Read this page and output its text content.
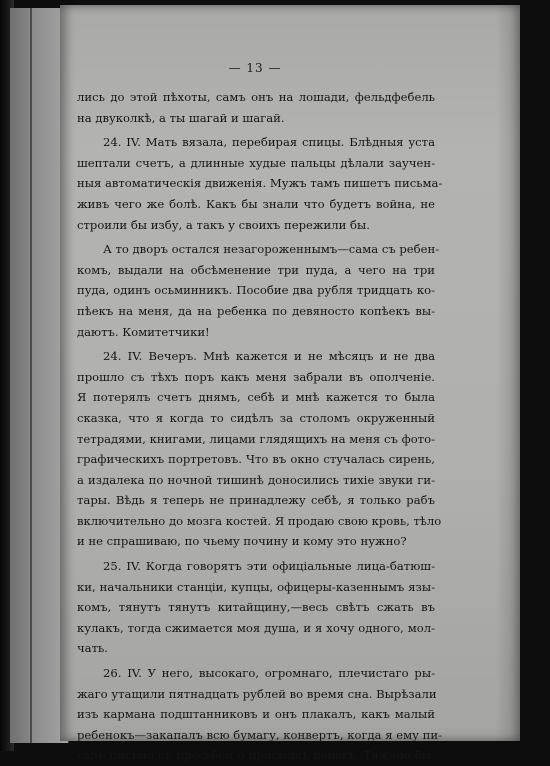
— 13 —
лись до этой пѣхоты, самъ онъ на лошади, фельдфебель
на двуколкѣ, а ты шагай и шагай.
24. IV. Мать вязала, перебирая спицы. Блѣдныя уста
шептали счетъ, а длинные худые пальцы дѣлали заучен-
ныя автоматическія движенія. Мужъ тамъ пишетъ письма-
живъ чего же болѣ. Какъ бы знали что будетъ война, не
строили бы избу, а такъ у своихъ пережили бы.
А то дворъ остался незагороженнымъ—сама съ ребен-
комъ, выдали на обсѣменение три пуда, а чего на три
пуда, одинъ осьминникъ. Пособие два рубля тридцать ко-
пѣекъ на меня, да на ребенка по девяносто копѣекъ вы-
даютъ. Комитетчики!
24. IV. Вечеръ. Мнѣ кажется и не мѣсяцъ и не два
прошло съ тѣхъ поръ какъ меня забрали въ ополченіе.
Я потерялъ счетъ днямъ, себѣ и мнѣ кажется то была
сказка, что я когда то сидѣлъ за столомъ окруженный
тетрадями, книгами, лицами глядящихъ на меня съ фото-
графическихъ портретовъ. Что въ окно стучалась сирень,
а издалека по ночной тишинѣ доносились тихіе звуки ги-
тары. Вѣдь я теперь не принадлежу себѣ, я только рабъ
включительно до мозга костей. Я продаю свою кровь, тѣло
и не спрашиваю, по чьему почину и кому это нужно?
25. IV. Когда говорятъ эти офиціальные лица-батюш-
ки, начальники станціи, купцы, офицеры-казеннымъ язы-
комъ, тянутъ тянутъ китайщину,—весь свѣтъ сжать въ
кулакъ, тогда сжимается моя душа, и я хочу одного, мол-
чать.
26. IV. У него, высокаго, огромнаго, плечистаго ры-
жаго утащили пятнадцать рублей во время сна. Вырѣзали
изъ кармана подштанниковъ и онъ плакалъ, какъ малый
ребенокъ—закапалъ всю бумагу, конвертъ, когда я ему пи-
салъ письмо съ просьбой о присылкѣ денегъ. Тяжело бы-
